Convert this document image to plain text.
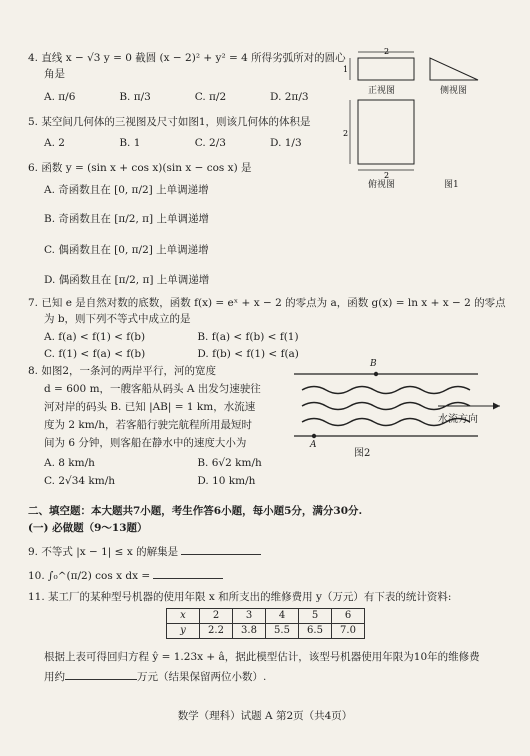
4. 直线 x − √3 y = 0 截圆 (x − 2)² + y² = 4 所得劣弧所对的圆心
角是
A. π/6	B. π/3	C. π/2	D. 2π/3
5. 某空间几何体的三视图及尺寸如图1，则该几何体的体积是
A. 2	B. 1	C. 2/3	D. 1/3
6. 函数 y = (sin x + cos x)(sin x − cos x) 是
A. 奇函数且在 [0, π/2] 上单调递增
B. 奇函数且在 [π/2, π] 上单调递增
C. 偶函数且在 [0, π/2] 上单调递增
D. 偶函数且在 [π/2, π] 上单调递增
2
1
2
2
正视图	侧视图
俯视图	图1
7. 已知 e 是自然对数的底数，函数 f(x) = eˣ + x − 2 的零点为 a，函数 g(x) = ln x + x − 2 的零点
为 b，则下列不等式中成立的是
A. f(a) < f(1) < f(b)	B. f(a) < f(b) < f(1)
C. f(1) < f(a) < f(b)	D. f(b) < f(1) < f(a)
8. 如图2，一条河的两岸平行，河的宽度
d = 600 m，一艘客船从码头 A 出发匀速驶往
河对岸的码头 B. 已知 |AB| = 1 km，水流速
度为 2 km/h，若客船行驶完航程所用最短时
间为 6 分钟，则客船在静水中的速度大小为
A. 8 km/h	B. 6√2 km/h
C. 2√34 km/h	D. 10 km/h
B
A
水流方向
图2
二、填空题：本大题共7小题，考生作答6小题，每小题5分，满分30分.
(一) 必做题（9～13题）
9. 不等式 |x − 1| ≤ x 的解集是
10. ∫₀^(π/2) cos x dx =
11. 某工厂的某种型号机器的使用年限 x 和所支出的维修费用 y（万元）有下表的统计资料:
x	2	3	4	5	6
y	2.2	3.8	5.5	6.5	7.0
根据上表可得回归方程 ŷ = 1.23x + â，据此模型估计，该型号机器使用年限为10年的维修费
用约	万元（结果保留两位小数）.
数学（理科）试题 A 第2页（共4页）
